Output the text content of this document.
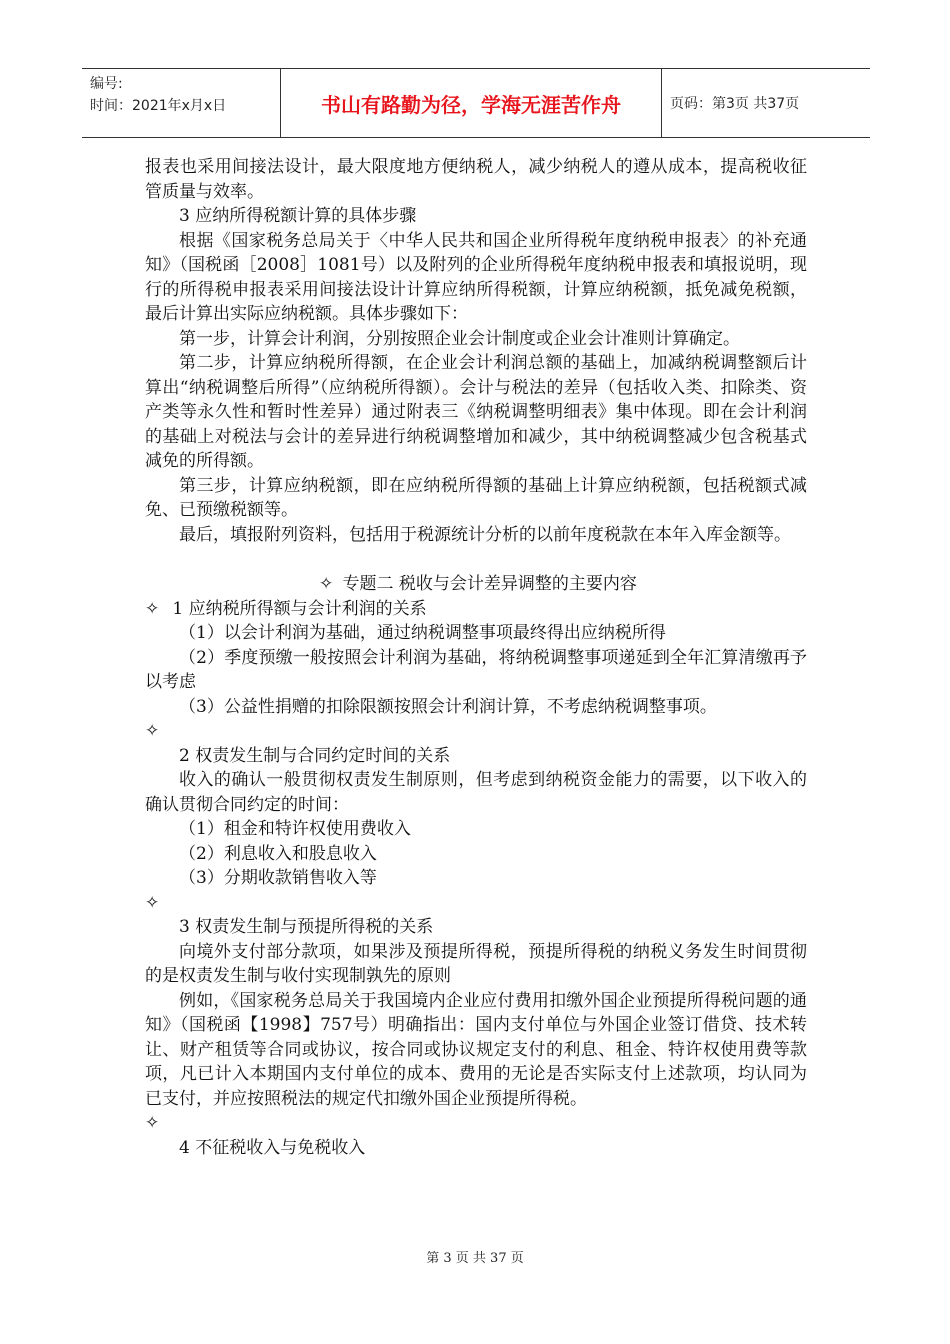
编号:
时间：2021年x月x日	书山有路勤为径，学海无涯苦作舟	页码：第3页 共37页

报表也采用间接法设计，最大限度地方便纳税人，减少纳税人的遵从成本，提高税收征管质量与效率。

3 应纳所得税额计算的具体步骤

根据《国家税务总局关于〈中华人民共和国企业所得税年度纳税申报表〉的补充通知》（国税函［2008］1081号）以及附列的企业所得税年度纳税申报表和填报说明，现行的所得税申报表采用间接法设计计算应纳所得税额，计算应纳税额，抵免减免税额，最后计算出实际应纳税额。具体步骤如下：

第一步，计算会计利润，分别按照企业会计制度或企业会计准则计算确定。

第二步，计算应纳税所得额，在企业会计利润总额的基础上，加减纳税调整额后计算出“纳税调整后所得”（应纳税所得额）。会计与税法的差异（包括收入类、扣除类、资产类等永久性和暂时性差异）通过附表三《纳税调整明细表》集中体现。即在会计利润的基础上对税法与会计的差异进行纳税调整增加和减少，其中纳税调整减少包含税基式减免的所得额。

第三步，计算应纳税额，即在应纳税所得额的基础上计算应纳税额，包括税额式减免、已预缴税额等。

最后，填报附列资料，包括用于税源统计分析的以前年度税款在本年入库金额等。

✧ 专题二 税收与会计差异调整的主要内容

✧ 1 应纳税所得额与会计利润的关系

（1）以会计利润为基础，通过纳税调整事项最终得出应纳税所得

（2）季度预缴一般按照会计利润为基础，将纳税调整事项递延到全年汇算清缴再予以考虑

（3）公益性捐赠的扣除限额按照会计利润计算，不考虑纳税调整事项。

✧

2 权责发生制与合同约定时间的关系

收入的确认一般贯彻权责发生制原则，但考虑到纳税资金能力的需要，以下收入的确认贯彻合同约定的时间：

（1）租金和特许权使用费收入

（2）利息收入和股息收入

（3）分期收款销售收入等

✧

3 权责发生制与预提所得税的关系

向境外支付部分款项，如果涉及预提所得税，预提所得税的纳税义务发生时间贯彻的是权责发生制与收付实现制孰先的原则

例如，《国家税务总局关于我国境内企业应付费用扣缴外国企业预提所得税问题的通知》（国税函【1998】757号）明确指出：国内支付单位与外国企业签订借贷、技术转让、财产租赁等合同或协议，按合同或协议规定支付的利息、租金、特许权使用费等款项，凡已计入本期国内支付单位的成本、费用的无论是否实际支付上述款项，均认同为已支付，并应按照税法的规定代扣缴外国企业预提所得税。

✧

4 不征税收入与免税收入

第 3 页 共 37 页
